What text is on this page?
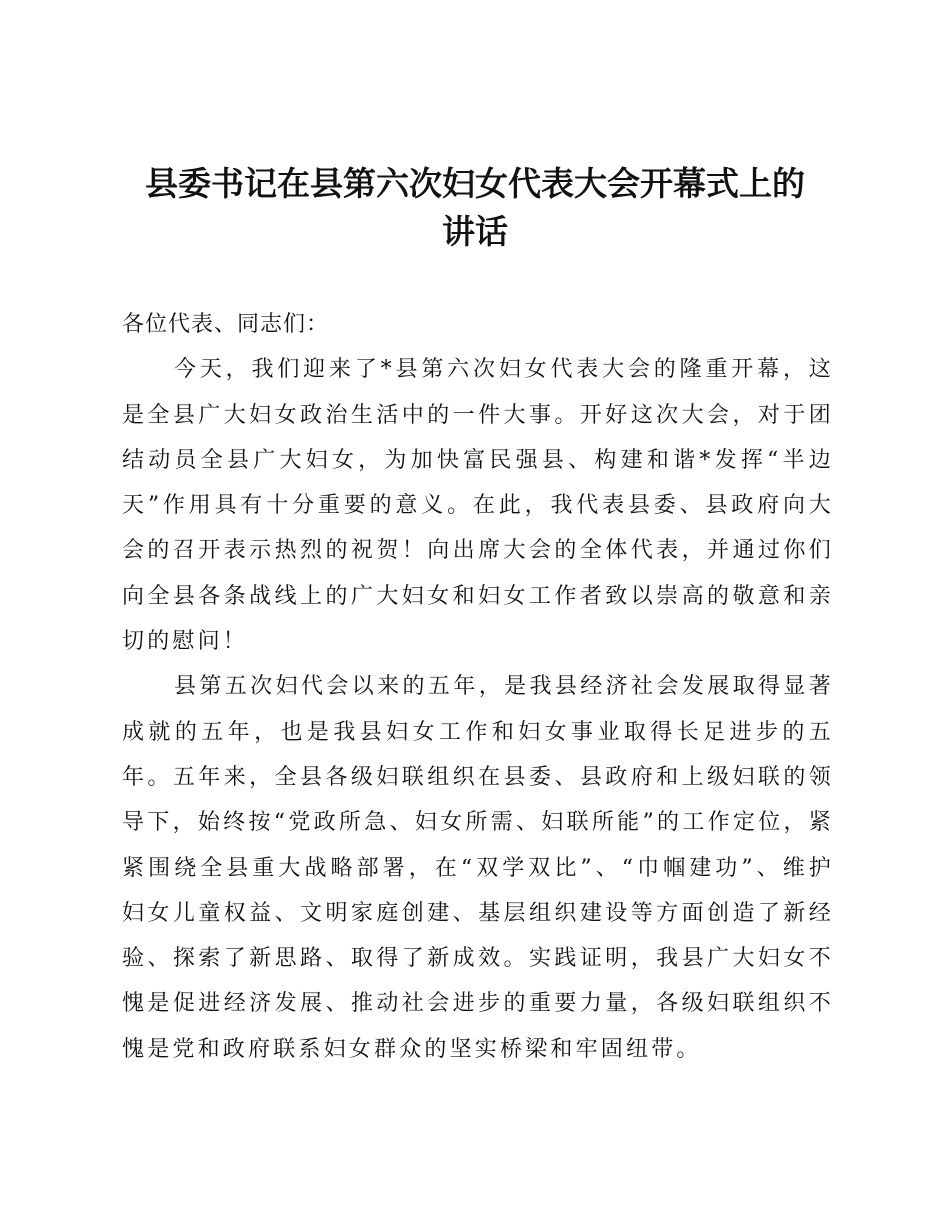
县委书记在县第六次妇女代表大会开幕式上的
讲话

各位代表、同志们：

今天，我们迎来了*县第六次妇女代表大会的隆重开幕，这是全县广大妇女政治生活中的一件大事。开好这次大会，对于团结动员全县广大妇女，为加快富民强县、构建和谐*发挥“半边天”作用具有十分重要的意义。在此，我代表县委、县政府向大会的召开表示热烈的祝贺！向出席大会的全体代表，并通过你们向全县各条战线上的广大妇女和妇女工作者致以崇高的敬意和亲切的慰问！

县第五次妇代会以来的五年，是我县经济社会发展取得显著成就的五年，也是我县妇女工作和妇女事业取得长足进步的五年。五年来，全县各级妇联组织在县委、县政府和上级妇联的领导下，始终按“党政所急、妇女所需、妇联所能”的工作定位，紧紧围绕全县重大战略部署，在“双学双比”、“巾帼建功”、维护妇女儿童权益、文明家庭创建、基层组织建设等方面创造了新经验、探索了新思路、取得了新成效。实践证明，我县广大妇女不愧是促进经济发展、推动社会进步的重要力量，各级妇联组织不愧是党和政府联系妇女群众的坚实桥梁和牢固纽带。
